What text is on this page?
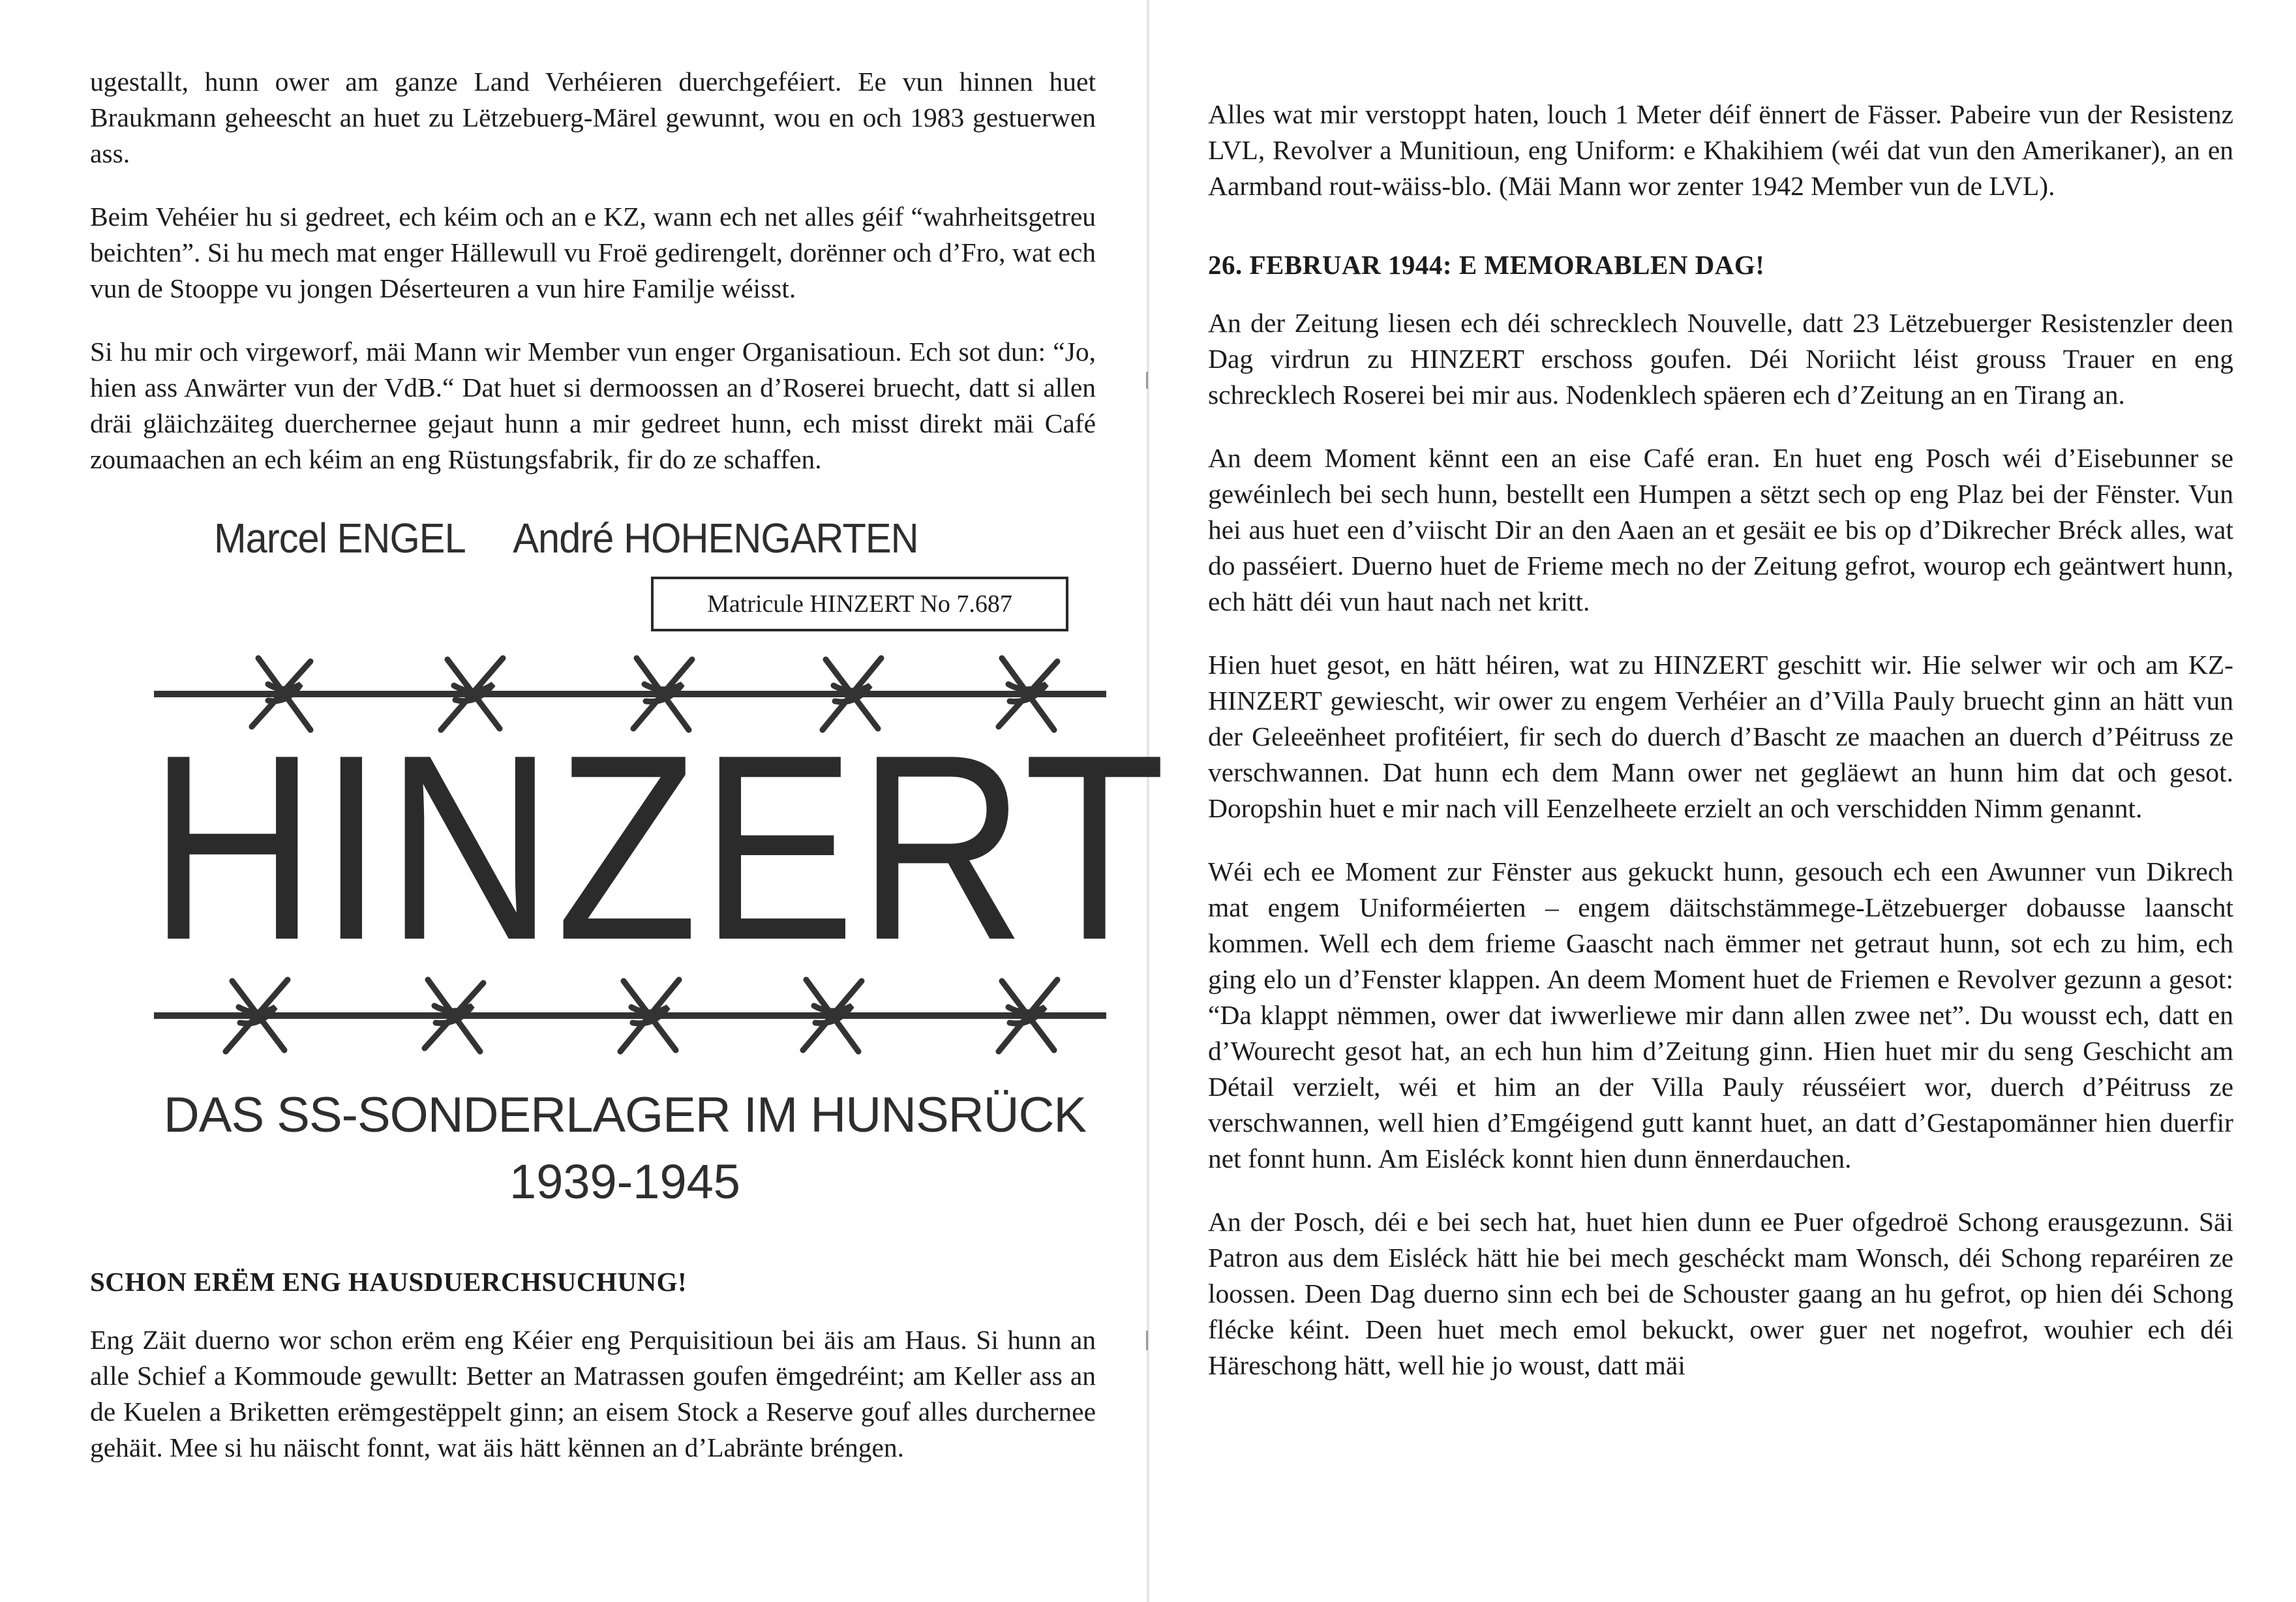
ugestallt, hunn ower am ganze Land Verhéieren duerchgeféiert. Ee vun hinnen huet Braukmann geheescht an huet zu Lëtzebuerg-Märel gewunnt, wou en och 1983 gestuerwen ass.

Beim Vehéier hu si gedreet, ech kéim och an e KZ, wann ech net alles géif “wahrheitsgetreu beichten”. Si hu mech mat enger Hällewull vu Froë gedirengelt, dorënner och d’Fro, wat ech vun de Stooppe vu jongen Déserteuren a vun hire Familje wéisst.

Si hu mir och virgeworf, mäi Mann wir Member vun enger Organisatioun. Ech sot dun: “Jo, hien ass Anwärter vun der VdB.“ Dat huet si dermoossen an d’Roserei bruecht, datt si allen dräi gläichzäiteg duerchernee gejaut hunn a mir gedreet hunn, ech misst direkt mäi Café zoumaachen an ech kéim an eng Rüstungsfabrik, fir do ze schaffen.

Marcel ENGEL André HOHENGARTEN
Matricule HINZERT No 7.687
HINZERT
DAS SS-SONDERLAGER IM HUNSRÜCK
1939-1945
SCHON ERËM ENG HAUSDUERCHSUCHUNG!

Eng Zäit duerno wor schon erëm eng Kéier eng Perquisitioun bei äis am Haus. Si hunn an alle Schief a Kommoude gewullt: Better an Matrassen goufen ëmgedréint; am Keller ass an de Kuelen a Briketten erëmgestëppelt ginn; an eisem Stock a Reserve gouf alles durchernee gehäit. Mee si hu näischt fonnt, wat äis hätt kënnen an d’Labränte bréngen.

Alles wat mir verstoppt haten, louch 1 Meter déif ënnert de Fässer. Pabeire vun der Resistenz LVL, Revolver a Munitioun, eng Uniform: e Khakihiem (wéi dat vun den Amerikaner), an en Aarmband rout-wäiss-blo. (Mäi Mann wor zenter 1942 Member vun de LVL).

26. FEBRUAR 1944: E MEMORABLEN DAG!

An der Zeitung liesen ech déi schrecklech Nouvelle, datt 23 Lëtzebuerger Resistenzler deen Dag virdrun zu HINZERT erschoss goufen. Déi Noriicht léist grouss Trauer en eng schrecklech Roserei bei mir aus. Nodenklech späeren ech d’Zeitung an en Tirang an.

An deem Moment kënnt een an eise Café eran. En huet eng Posch wéi d’Eisebunner se gewéinlech bei sech hunn, bestellt een Humpen a sëtzt sech op eng Plaz bei der Fënster. Vun hei aus huet een d’viischt Dir an den Aaen an et gesäit ee bis op d’Dikrecher Bréck alles, wat do passéiert. Duerno huet de Frieme mech no der Zeitung gefrot, wourop ech geäntwert hunn, ech hätt déi vun haut nach net kritt.

Hien huet gesot, en hätt héiren, wat zu HINZERT geschitt wir. Hie selwer wir och am KZ-HINZERT gewiescht, wir ower zu engem Verhéier an d’Villa Pauly bruecht ginn an hätt vun der Geleeënheet profitéiert, fir sech do duerch d’Bascht ze maachen an duerch d’Péitruss ze verschwannen. Dat hunn ech dem Mann ower net gegläewt an hunn him dat och gesot. Doropshin huet e mir nach vill Eenzelheete erzielt an och verschidden Nimm genannt.

Wéi ech ee Moment zur Fënster aus gekuckt hunn, gesouch ech een Awunner vun Dikrech mat engem Uniforméierten – engem däitschstämmege-Lëtzebuerger dobausse laanscht kommen. Well ech dem frieme Gaascht nach ëmmer net getraut hunn, sot ech zu him, ech ging elo un d’Fenster klappen. An deem Moment huet de Friemen e Revolver gezunn a gesot: “Da klappt nëmmen, ower dat iwwerliewe mir dann allen zwee net”. Du wousst ech, datt en d’Wourecht gesot hat, an ech hun him d’Zeitung ginn. Hien huet mir du seng Geschicht am Détail verzielt, wéi et him an der Villa Pauly réusséiert wor, duerch d’Péitruss ze verschwannen, well hien d’Emgéigend gutt kannt huet, an datt d’Gestapomänner hien duerfir net fonnt hunn. Am Eisléck konnt hien dunn ënnerdauchen.

An der Posch, déi e bei sech hat, huet hien dunn ee Puer ofgedroë Schong erausgezunn. Säi Patron aus dem Eisléck hätt hie bei mech geschéckt mam Wonsch, déi Schong reparéiren ze loossen. Deen Dag duerno sinn ech bei de Schouster gaang an hu gefrot, op hien déi Schong flécke kéint. Deen huet mech emol bekuckt, ower guer net nogefrot, wouhier ech déi Häreschong hätt, well hie jo woust, datt mäi
